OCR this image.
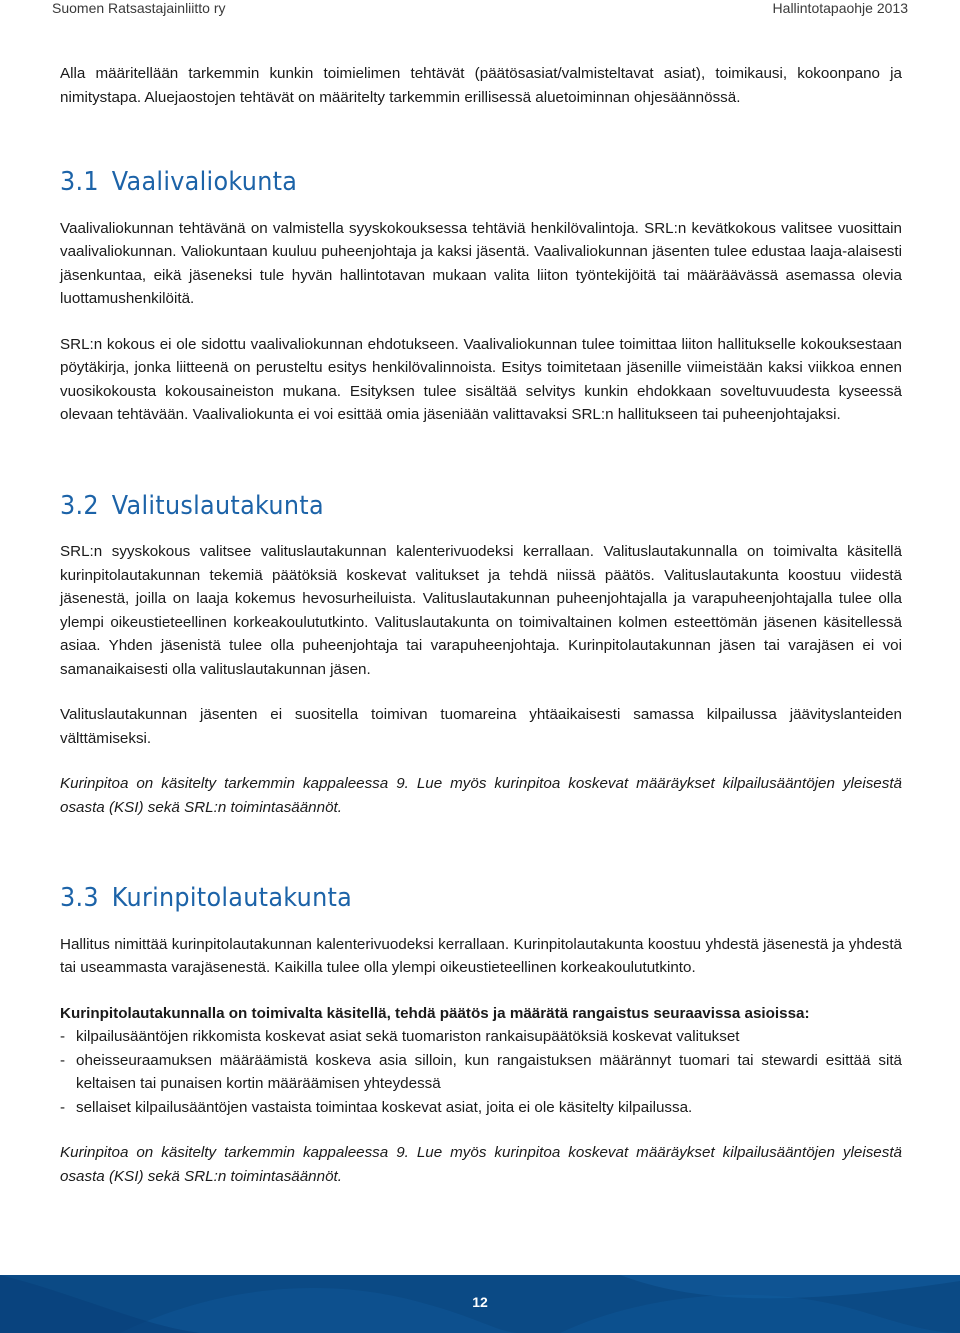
Suomen Ratsastajainliitto ry	Hallintotapaohje 2013

Alla määritellään tarkemmin kunkin toimielimen tehtävät (päätösasiat/valmisteltavat asiat), toimikausi, kokoonpano ja nimitystapa. Aluejaostojen tehtävät on määritelty tarkemmin erillisessä aluetoiminnan ohjesäännössä.

3.1 Vaalivaliokunta

Vaalivaliokunnan tehtävänä on valmistella syyskokouksessa tehtäviä henkilövalintoja. SRL:n kevätkokous valitsee vuosittain vaalivaliokunnan. Valiokuntaan kuuluu puheenjohtaja ja kaksi jäsentä. Vaalivaliokunnan jäsenten tulee edustaa laaja-alaisesti jäsenkuntaa, eikä jäseneksi tule hyvän hallintotavan mukaan valita liiton työntekijöitä tai määräävässä asemassa olevia luottamushenkilöitä.

SRL:n kokous ei ole sidottu vaalivaliokunnan ehdotukseen. Vaalivaliokunnan tulee toimittaa liiton hallitukselle kokouksestaan pöytäkirja, jonka liitteenä on perusteltu esitys henkilövalinnoista. Esitys toimitetaan jäsenille viimeistään kaksi viikkoa ennen vuosikokousta kokousaineiston mukana. Esityksen tulee sisältää selvitys kunkin ehdokkaan soveltuvuudesta kyseessä olevaan tehtävään. Vaalivaliokunta ei voi esittää omia jäseniään valittavaksi SRL:n hallitukseen tai puheenjohtajaksi.

3.2 Valituslautakunta

SRL:n syyskokous valitsee valituslautakunnan kalenterivuodeksi kerrallaan. Valituslautakunnalla on toimivalta käsitellä kurinpitolautakunnan tekemiä päätöksiä koskevat valitukset ja tehdä niissä päätös. Valituslautakunta koostuu viidestä jäsenestä, joilla on laaja kokemus hevosurheiluista. Valituslautakunnan puheenjohtajalla ja varapuheenjohtajalla tulee olla ylempi oikeustieteellinen korkeakoulututkinto. Valituslautakunta on toimivaltainen kolmen esteettömän jäsenen käsitellessä asiaa. Yhden jäsenistä tulee olla puheenjohtaja tai varapuheenjohtaja. Kurinpitolautakunnan jäsen tai varajäsen ei voi samanaikaisesti olla valituslautakunnan jäsen.

Valituslautakunnan jäsenten ei suositella toimivan tuomareina yhtäaikaisesti samassa kilpailussa jäävityslanteiden välttämiseksi.

Kurinpitoa on käsitelty tarkemmin kappaleessa 9. Lue myös kurinpitoa koskevat määräykset kilpailusääntöjen yleisestä osasta (KSI) sekä SRL:n toimintasäännöt.

3.3 Kurinpitolautakunta

Hallitus nimittää kurinpitolautakunnan kalenterivuodeksi kerrallaan. Kurinpitolautakunta koostuu yhdestä jäsenestä ja yhdestä tai useammasta varajäsenestä. Kaikilla tulee olla ylempi oikeustieteellinen korkeakoulututkinto.

Kurinpitolautakunnalla on toimivalta käsitellä, tehdä päätös ja määrätä rangaistus seuraavissa asioissa:

- kilpailusääntöjen rikkomista koskevat asiat sekä tuomariston rankaisupäätöksiä koskevat valitukset
- oheisseuraamuksen määräämistä koskeva asia silloin, kun rangaistuksen määrännyt tuomari tai stewardi esittää sitä keltaisen tai punaisen kortin määräämisen yhteydessä
- sellaiset kilpailusääntöjen vastaista toimintaa koskevat asiat, joita ei ole käsitelty kilpailussa.

Kurinpitoa on käsitelty tarkemmin kappaleessa 9. Lue myös kurinpitoa koskevat määräykset kilpailusääntöjen yleisestä osasta (KSI) sekä SRL:n toimintasäännöt.

12
